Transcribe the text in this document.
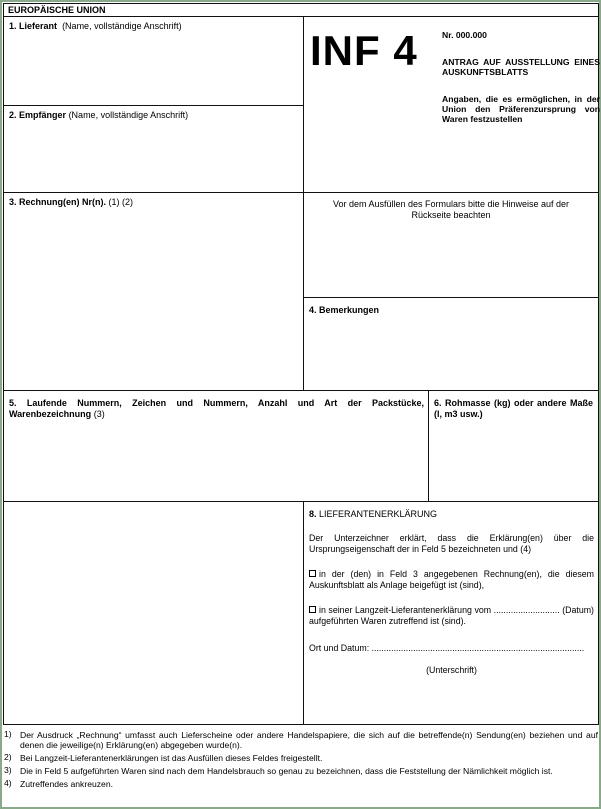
EUROPÄISCHE UNION
1. Lieferant (Name, vollständige Anschrift)
INF 4	Nr. 000.000
ANTRAG AUF AUSSTELLUNG EINES AUSKUNFTSBLATTS
Angaben, die es ermöglichen, in der Union den Präferenzursprung von Waren festzustellen
2. Empfänger (Name, vollständige Anschrift)
3. Rechnung(en) Nr(n). (1) (2)	Vor dem Ausfüllen des Formulars bitte die Hinweise auf der Rückseite beachten
4. Bemerkungen
5. Laufende Nummern, Zeichen und Nummern, Anzahl und Art der Packstücke, Warenbezeichnung (3)
6. Rohmasse (kg) oder andere Maße (l, m3 usw.)
8. LIEFERANTENERKLÄRUNG

Der Unterzeichner erklärt, dass die Erklärung(en) über die Ursprungseigenschaft der in Feld 5 bezeichneten und (4)

in der (den) in Feld 3 angegebenen Rechnung(en), die diesem Auskunftsblatt als Anlage beigefügt ist (sind),

in seiner Langzeit-Lieferantenerklärung vom ........................... (Datum) aufgeführten Waren zutreffend ist (sind).

Ort und Datum: .......................................................................................

(Unterschrift)

1) Der Ausdruck „Rechnung“ umfasst auch Lieferscheine oder andere Handelspapiere, die sich auf die betreffende(n) Sendung(en) beziehen und auf denen die jeweilige(n) Erklärung(en) abgegeben wurde(n).
2) Bei Langzeit-Lieferantenerklärungen ist das Ausfüllen dieses Feldes freigestellt.
3) Die in Feld 5 aufgeführten Waren sind nach dem Handelsbrauch so genau zu bezeichnen, dass die Feststellung der Nämlichkeit möglich ist.
4) Zutreffendes ankreuzen.
